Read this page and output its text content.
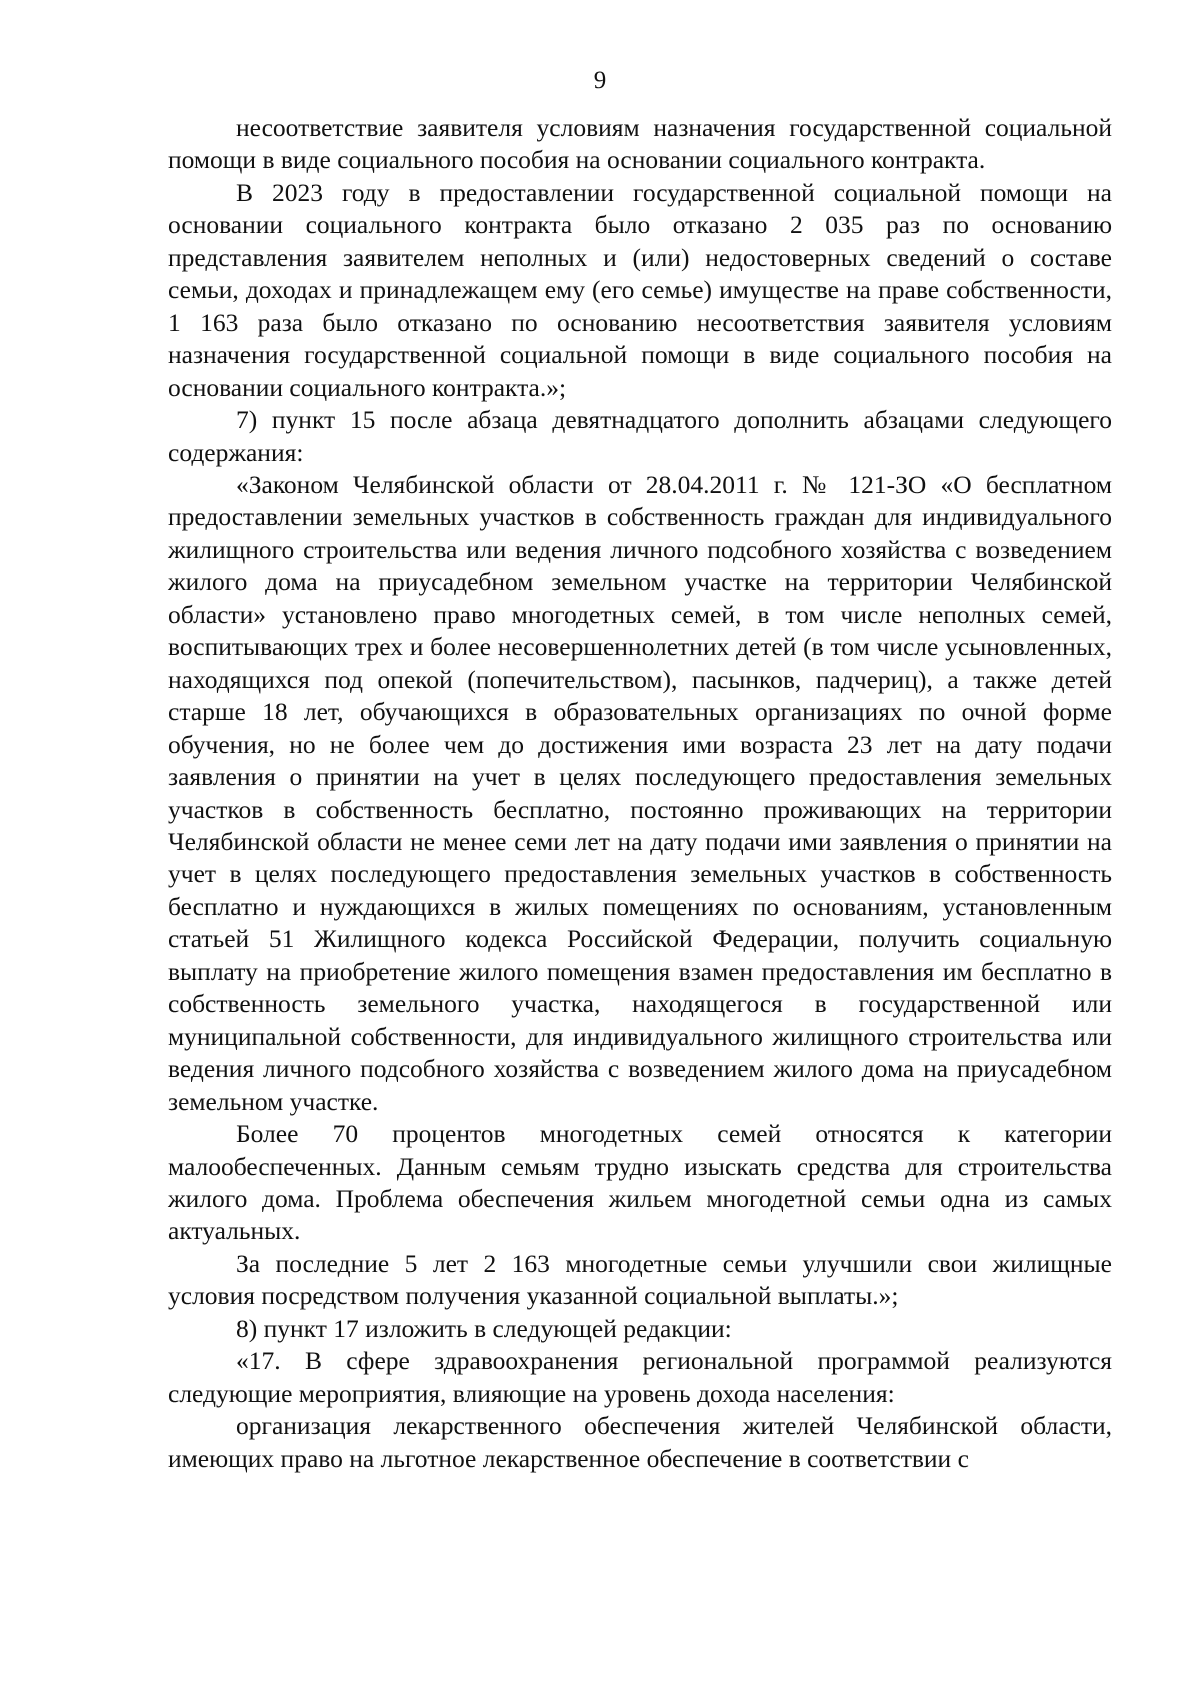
9

несоответствие заявителя условиям назначения государственной социальной помощи в виде социального пособия на основании социального контракта.

В 2023 году в предоставлении государственной социальной помощи на основании социального контракта было отказано 2 035 раз по основанию представления заявителем неполных и (или) недостоверных сведений о составе семьи, доходах и принадлежащем ему (его семье) имуществе на праве собственности, 1 163 раза было отказано по основанию несоответствия заявителя условиям назначения государственной социальной помощи в виде социального пособия на основании социального контракта.»;

7) пункт 15 после абзаца девятнадцатого дополнить абзацами следующего содержания:

«Законом Челябинской области от 28.04.2011 г. № 121-ЗО «О бесплатном предоставлении земельных участков в собственность граждан для индивидуального жилищного строительства или ведения личного подсобного хозяйства с возведением жилого дома на приусадебном земельном участке на территории Челябинской области» установлено право многодетных семей, в том числе неполных семей, воспитывающих трех и более несовершеннолетних детей (в том числе усыновленных, находящихся под опекой (попечительством), пасынков, падчериц), а также детей старше 18 лет, обучающихся в образовательных организациях по очной форме обучения, но не более чем до достижения ими возраста 23 лет на дату подачи заявления о принятии на учет в целях последующего предоставления земельных участков в собственность бесплатно, постоянно проживающих на территории Челябинской области не менее семи лет на дату подачи ими заявления о принятии на учет в целях последующего предоставления земельных участков в собственность бесплатно и нуждающихся в жилых помещениях по основаниям, установленным статьей 51 Жилищного кодекса Российской Федерации, получить социальную выплату на приобретение жилого помещения взамен предоставления им бесплатно в собственность земельного участка, находящегося в государственной или муниципальной собственности, для индивидуального жилищного строительства или ведения личного подсобного хозяйства с возведением жилого дома на приусадебном земельном участке.

Более 70 процентов многодетных семей относятся к категории малообеспеченных. Данным семьям трудно изыскать средства для строительства жилого дома. Проблема обеспечения жильем многодетной семьи одна из самых актуальных.

За последние 5 лет 2 163 многодетные семьи улучшили свои жилищные условия посредством получения указанной социальной выплаты.»;

8) пункт 17 изложить в следующей редакции:

«17. В сфере здравоохранения региональной программой реализуются следующие мероприятия, влияющие на уровень дохода населения:

организация лекарственного обеспечения жителей Челябинской области, имеющих право на льготное лекарственное обеспечение в соответствии с
